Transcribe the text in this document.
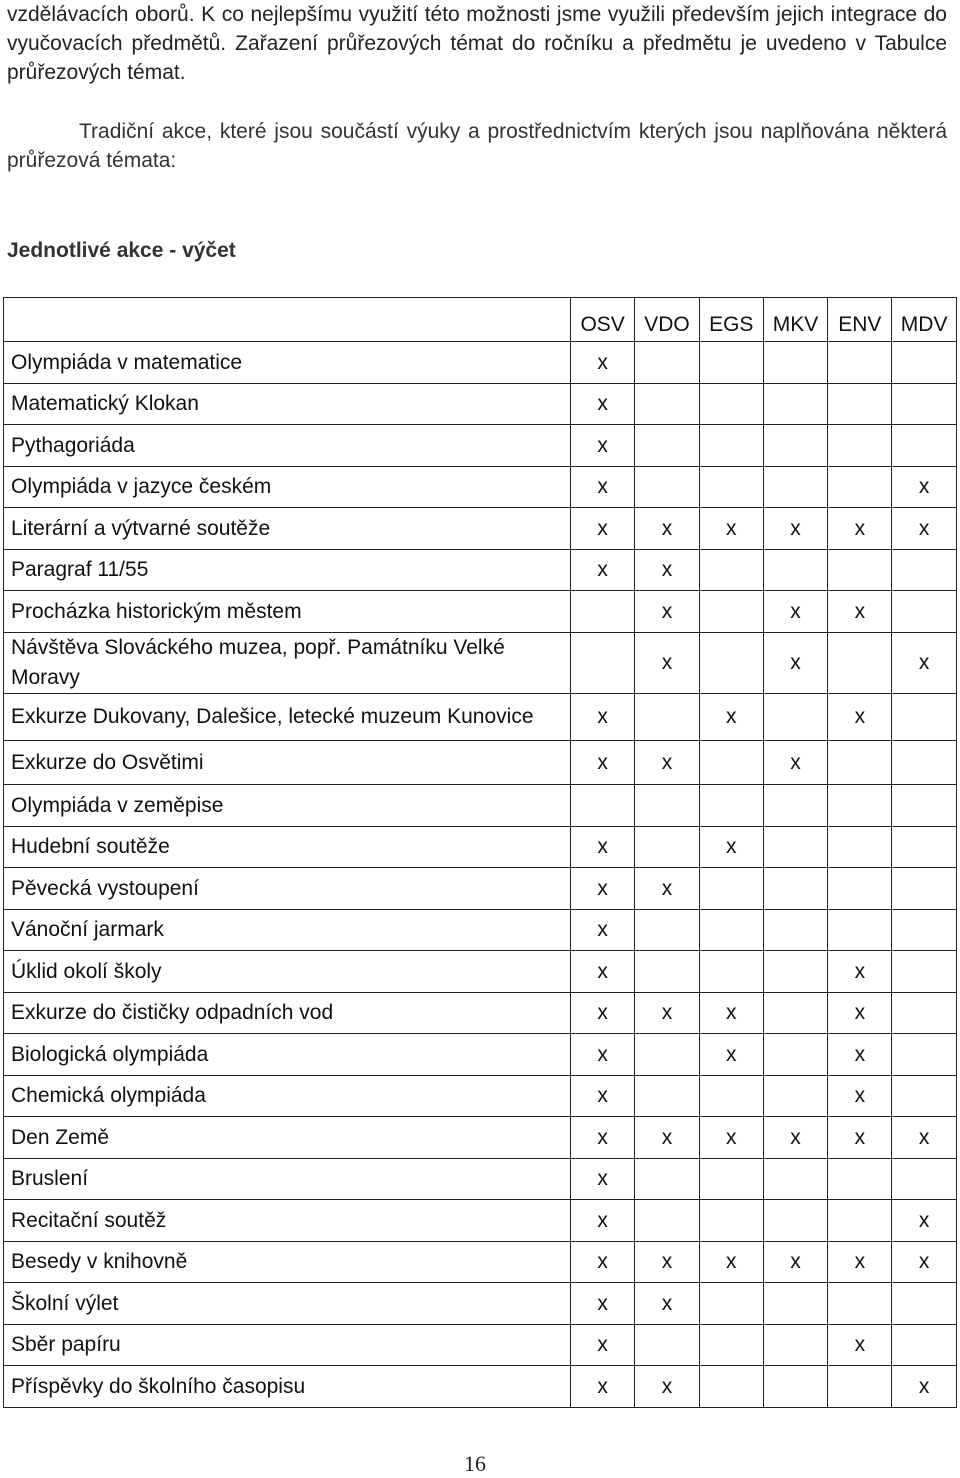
vzdělávacích oborů. K co nejlepšímu využití této možnosti jsme využili především jejich integrace do vyučovacích předmětů. Zařazení průřezových témat do ročníku a předmětu je uvedeno v Tabulce průřezových témat.

Tradiční akce, které jsou součástí výuky a prostřednictvím kterých jsou naplňována některá průřezová témata:

Jednotlivé akce - výčet
	OSV	VDO	EGS	MKV	ENV	MDV
Olympiáda v matematice	x					
Matematický Klokan	x					
Pythagoriáda	x					
Olympiáda v jazyce českém	x					x
Literární a výtvarné soutěže	x	x	x	x	x	x
Paragraf 11/55	x	x				
Procházka historickým městem		x		x	x	
Návštěva Slováckého muzea, popř. Památníku Velké Moravy		x		x		x
Exkurze Dukovany, Dalešice, letecké muzeum Kunovice	x		x		x	
Exkurze do Osvětimi	x	x		x		
Olympiáda v zeměpise						
Hudební soutěže	x		x			
Pěvecká vystoupení	x	x				
Vánoční jarmark	x					
Úklid okolí školy	x				x	
Exkurze do čističky odpadních vod	x	x	x		x	
Biologická olympiáda	x		x		x	
Chemická olympiáda	x				x	
Den Země	x	x	x	x	x	x
Bruslení	x					
Recitační soutěž	x					x
Besedy v knihovně	x	x	x	x	x	x
Školní výlet	x	x				
Sběr papíru	x				x	
Příspěvky do školního časopisu	x	x				x
16
